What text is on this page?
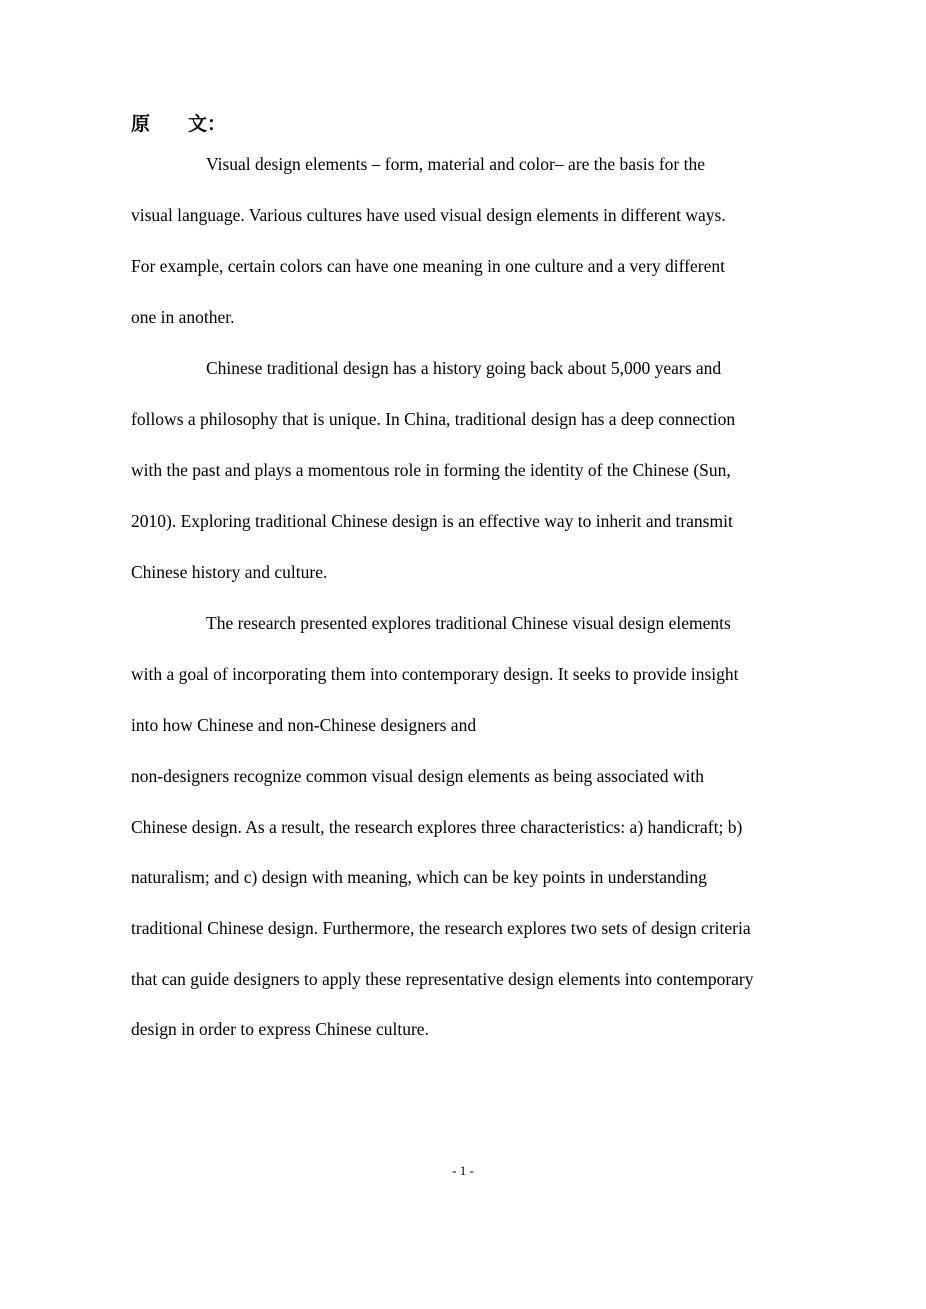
原　　文：
Visual design elements – form, material and color– are the basis for the
visual language. Various cultures have used visual design elements in different ways.
For example, certain colors can have one meaning in one culture and a very different
one in another.
Chinese traditional design has a history going back about 5,000 years and
follows a philosophy that is unique. In China, traditional design has a deep connection
with the past and plays a momentous role in forming the identity of the Chinese (Sun,
2010). Exploring traditional Chinese design is an effective way to inherit and transmit
Chinese history and culture.
The research presented explores traditional Chinese visual design elements
with a goal of incorporating them into contemporary design. It seeks to provide insight
into how Chinese and non-Chinese designers and
non-designers recognize common visual design elements as being associated with
Chinese design. As a result, the research explores three characteristics: a) handicraft; b)
naturalism; and c) design with meaning, which can be key points in understanding
traditional Chinese design. Furthermore, the research explores two sets of design criteria
that can guide designers to apply these representative design elements into contemporary
design in order to express Chinese culture.
- 1 -
